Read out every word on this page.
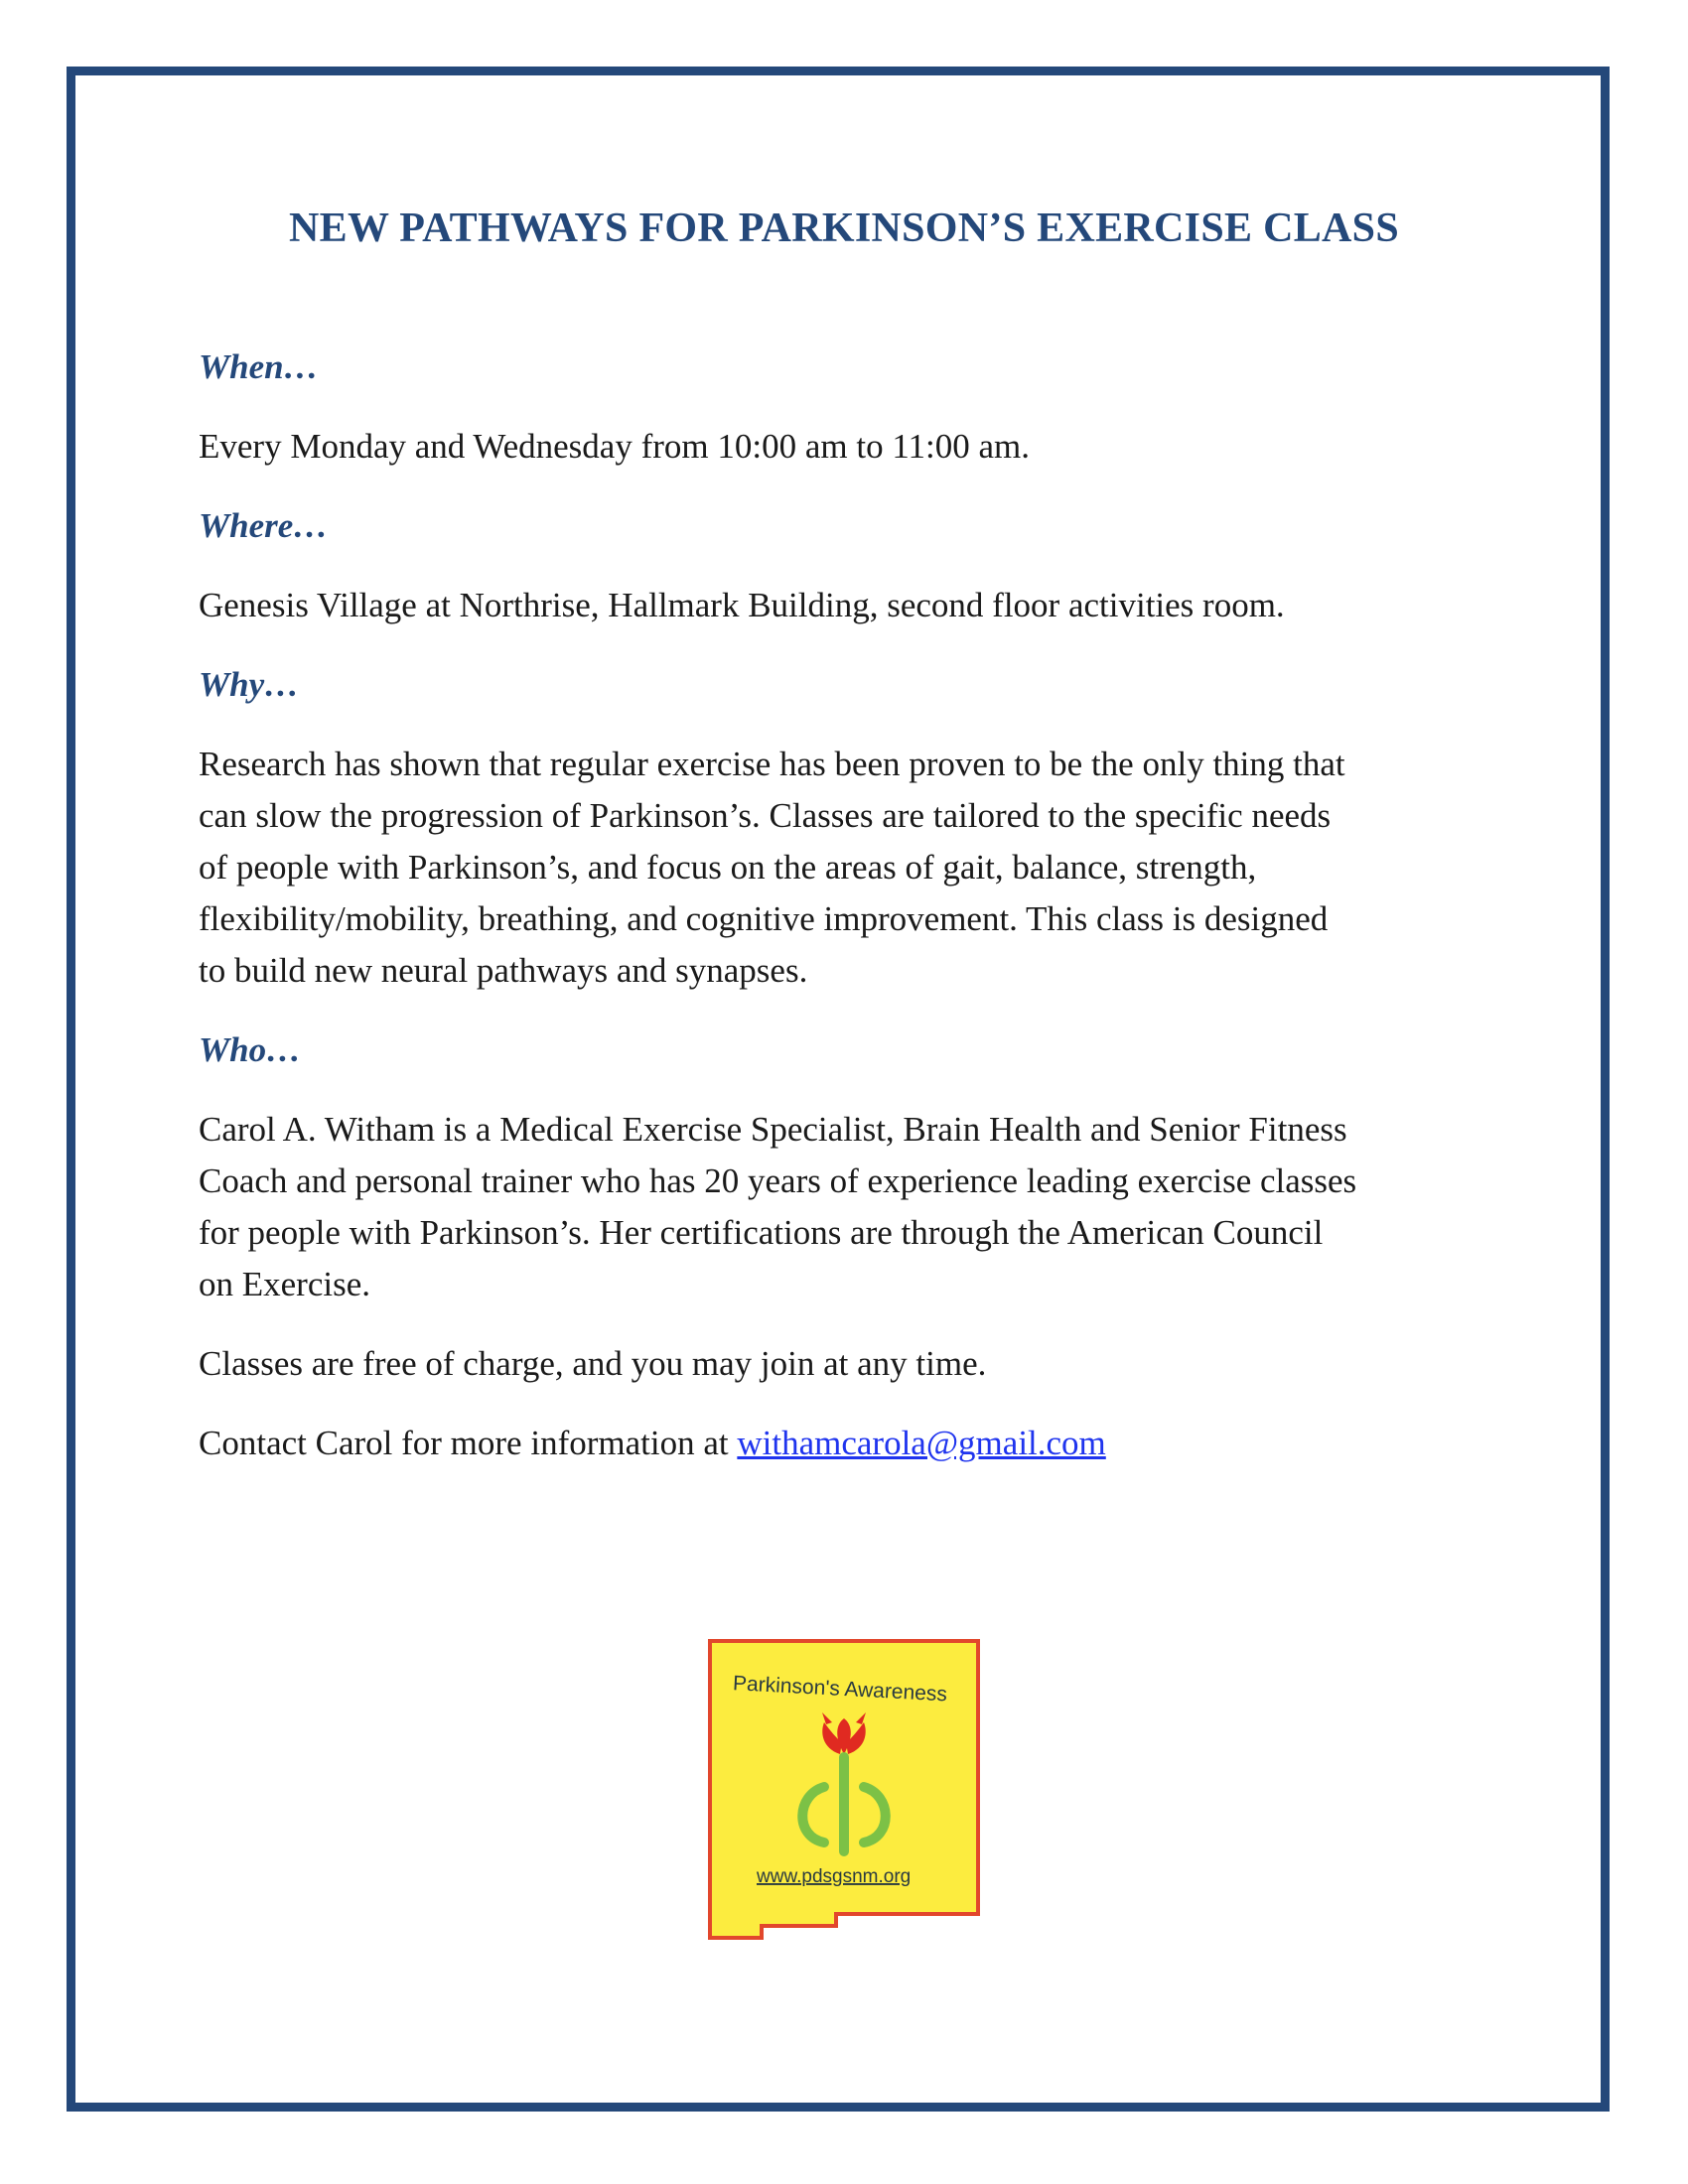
NEW PATHWAYS FOR PARKINSON’S EXERCISE CLASS

When…

Every Monday and Wednesday from 10:00 am to 11:00 am.

Where…

Genesis Village at Northrise, Hallmark Building, second floor activities room.

Why…

Research has shown that regular exercise has been proven to be the only thing that

can slow the progression of Parkinson’s. Classes are tailored to the specific needs

of people with Parkinson’s, and focus on the areas of gait, balance, strength,

flexibility/mobility, breathing, and cognitive improvement. This class is designed

to build new neural pathways and synapses.

Who…

Carol A. Witham is a Medical Exercise Specialist, Brain Health and Senior Fitness

Coach and personal trainer who has 20 years of experience leading exercise classes

for people with Parkinson’s. Her certifications are through the American Council

on Exercise.

Classes are free of charge, and you may join at any time.

Contact Carol for more information at withamcarola@gmail.com

Parkinson's Awareness
www.pdsgsnm.org
